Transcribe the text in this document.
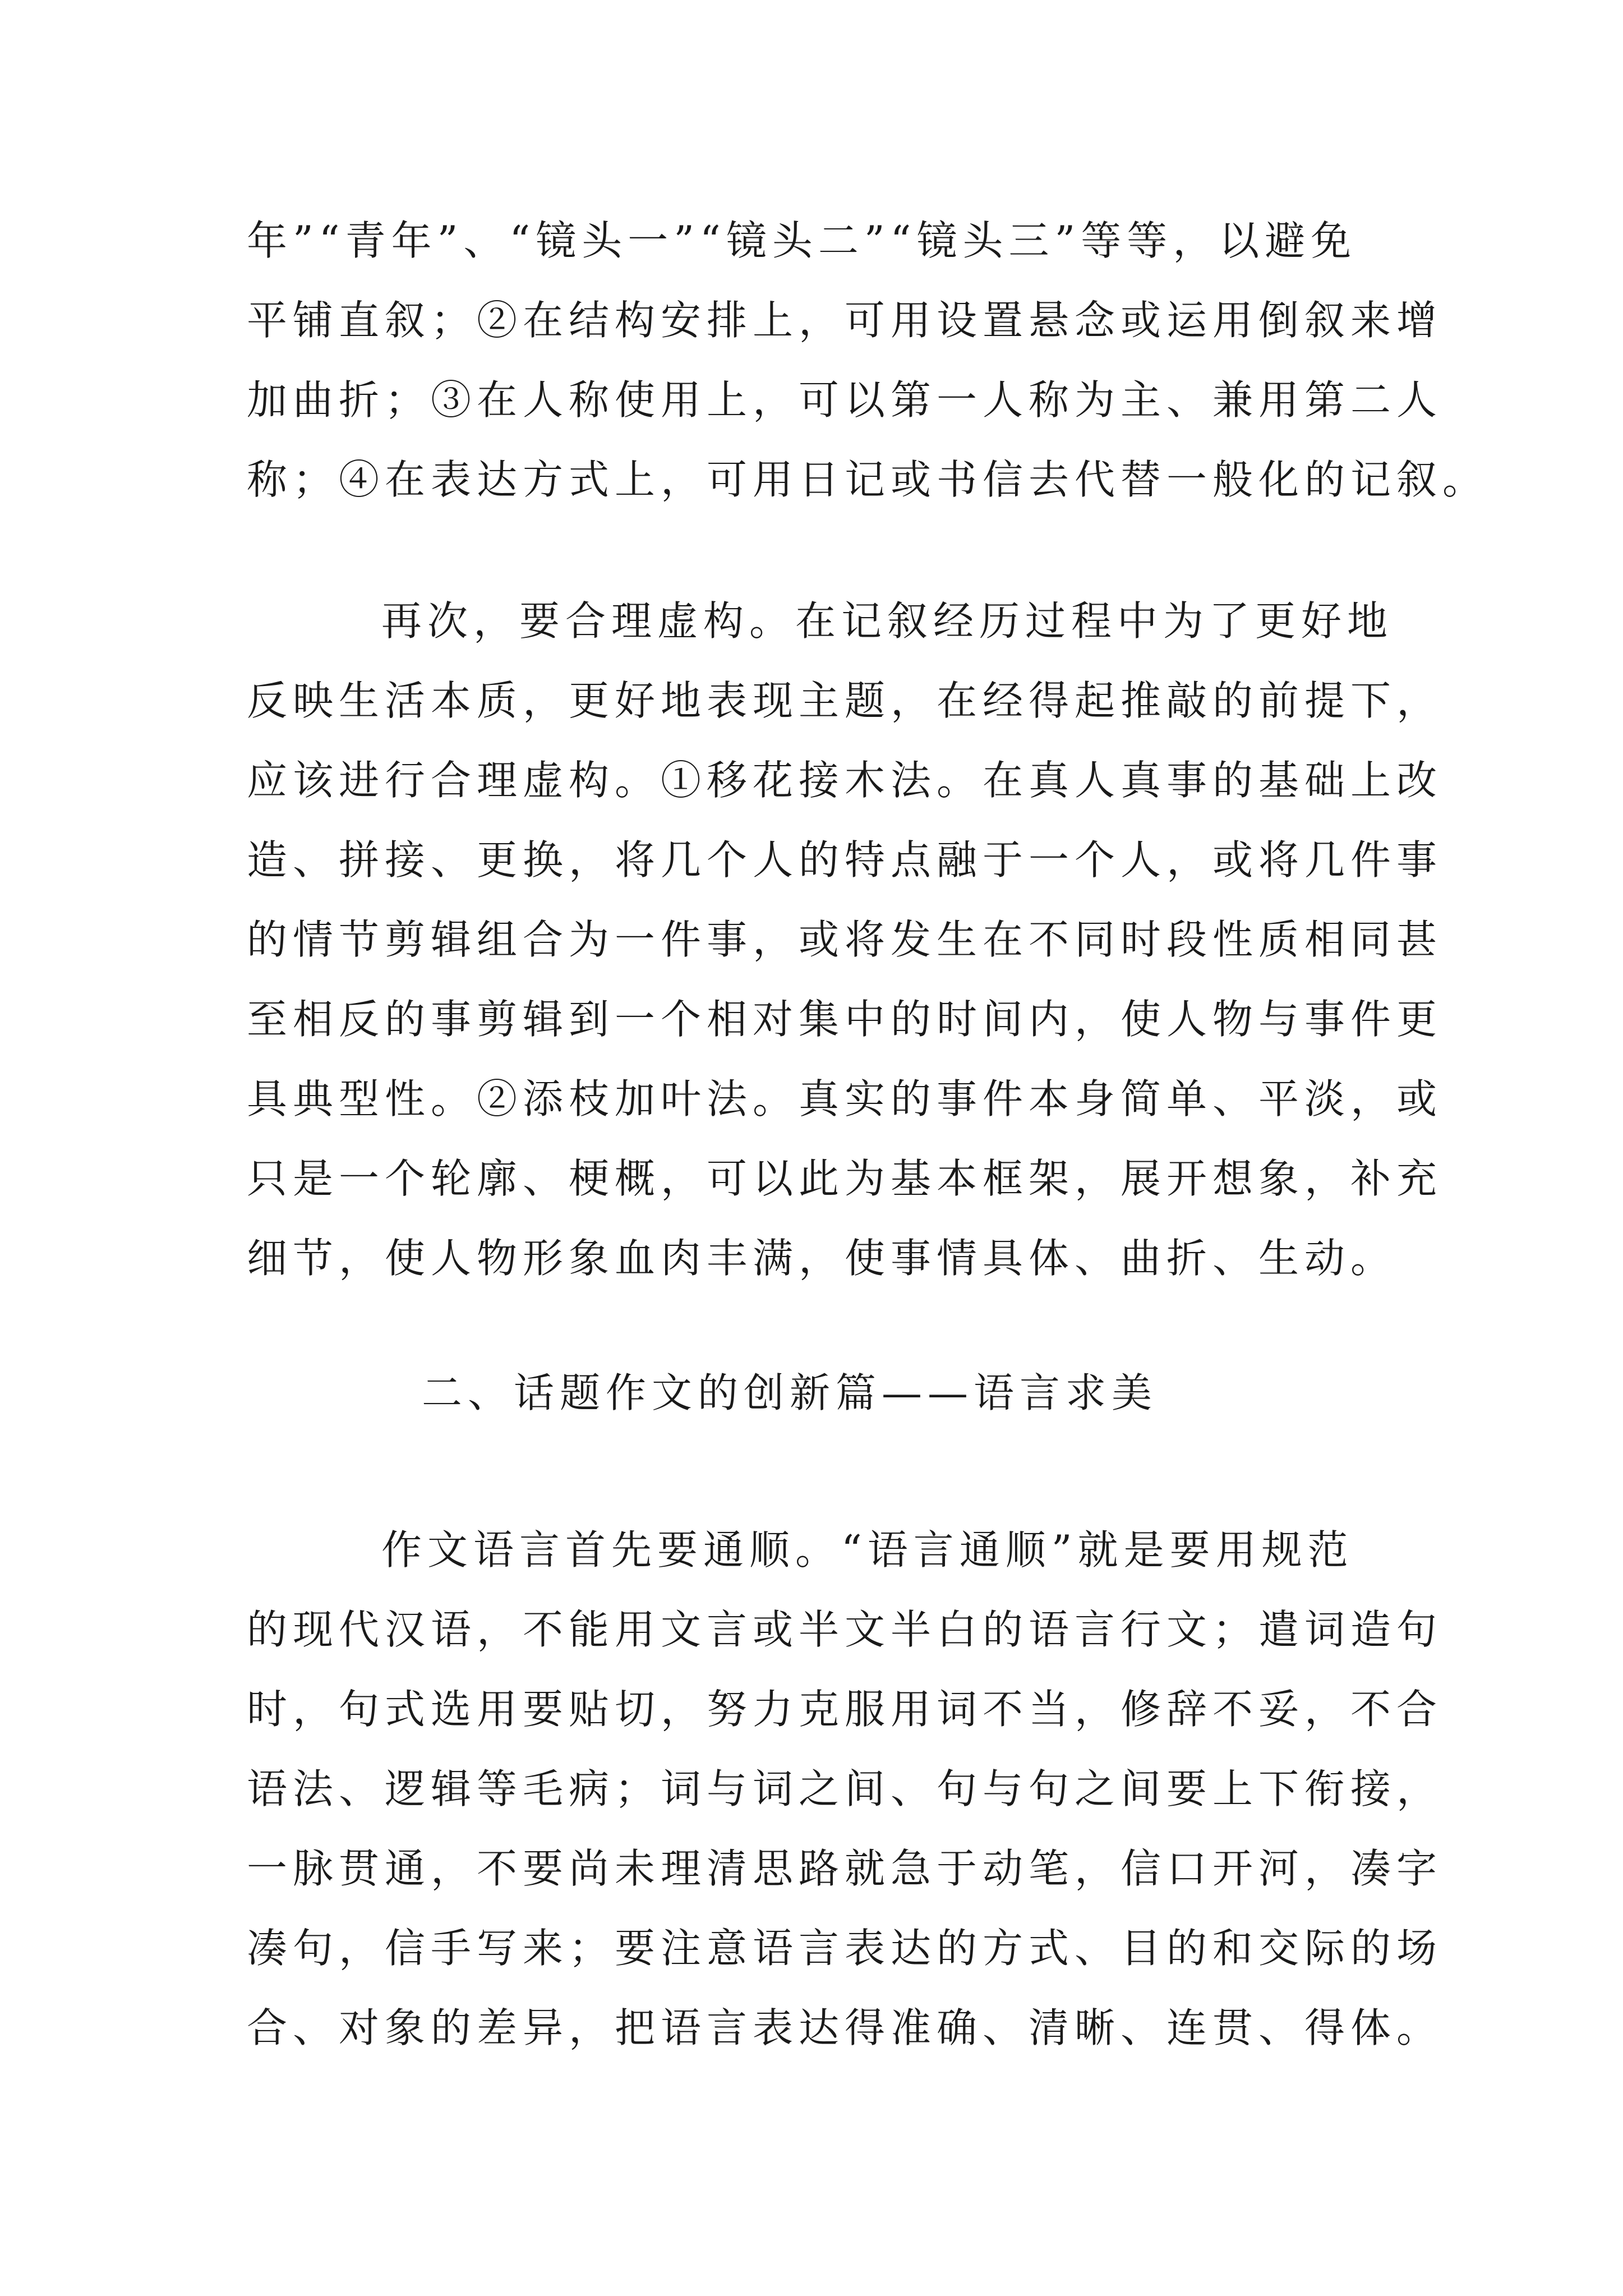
年”“青年”、“镜头一”“镜头二”“镜头三”等等，以避免
平铺直叙；②在结构安排上，可用设置悬念或运用倒叙来增
加曲折；③在人称使用上，可以第一人称为主、兼用第二人
称；④在表达方式上，可用日记或书信去代替一般化的记叙。
再次，要合理虚构。在记叙经历过程中为了更好地
反映生活本质，更好地表现主题，在经得起推敲的前提下，
应该进行合理虚构。①移花接木法。在真人真事的基础上改
造、拼接、更换，将几个人的特点融于一个人，或将几件事
的情节剪辑组合为一件事，或将发生在不同时段性质相同甚
至相反的事剪辑到一个相对集中的时间内，使人物与事件更
具典型性。②添枝加叶法。真实的事件本身简单、平淡，或
只是一个轮廓、梗概，可以此为基本框架，展开想象，补充
细节，使人物形象血肉丰满，使事情具体、曲折、生动。
二、话题作文的创新篇——语言求美
作文语言首先要通顺。“语言通顺”就是要用规范
的现代汉语，不能用文言或半文半白的语言行文；遣词造句
时，句式选用要贴切，努力克服用词不当，修辞不妥，不合
语法、逻辑等毛病；词与词之间、句与句之间要上下衔接，
一脉贯通，不要尚未理清思路就急于动笔，信口开河，凑字
凑句，信手写来；要注意语言表达的方式、目的和交际的场
合、对象的差异，把语言表达得准确、清晰、连贯、得体。
